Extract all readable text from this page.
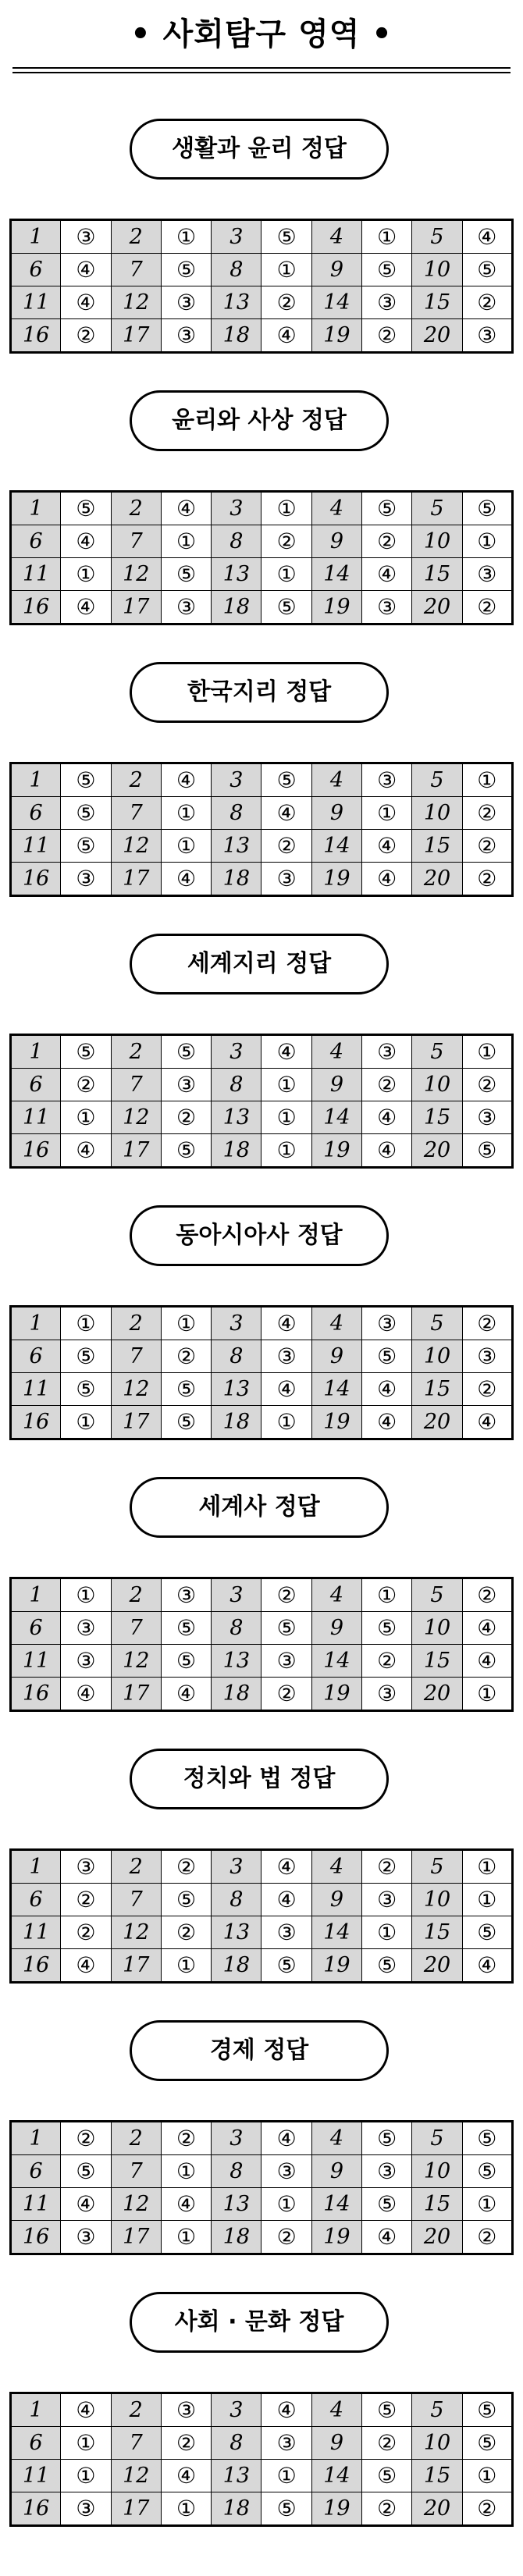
• 사회탐구 영역 •
생활과 윤리 정답
1	③	2	①	3	⑤	4	①	5	④
6	④	7	⑤	8	①	9	⑤	10	⑤
11	④	12	③	13	②	14	③	15	②
16	②	17	③	18	④	19	②	20	③
윤리와 사상 정답
1	⑤	2	④	3	①	4	⑤	5	⑤
6	④	7	①	8	②	9	②	10	①
11	①	12	⑤	13	①	14	④	15	③
16	④	17	③	18	⑤	19	③	20	②
한국지리 정답
1	⑤	2	④	3	⑤	4	③	5	①
6	⑤	7	①	8	④	9	①	10	②
11	⑤	12	①	13	②	14	④	15	②
16	③	17	④	18	③	19	④	20	②
세계지리 정답
1	⑤	2	⑤	3	④	4	③	5	①
6	②	7	③	8	①	9	②	10	②
11	①	12	②	13	①	14	④	15	③
16	④	17	⑤	18	①	19	④	20	⑤
동아시아사 정답
1	①	2	①	3	④	4	③	5	②
6	⑤	7	②	8	③	9	⑤	10	③
11	⑤	12	⑤	13	④	14	④	15	②
16	①	17	⑤	18	①	19	④	20	④
세계사 정답
1	①	2	③	3	②	4	①	5	②
6	③	7	⑤	8	⑤	9	⑤	10	④
11	③	12	⑤	13	③	14	②	15	④
16	④	17	④	18	②	19	③	20	①
정치와 법 정답
1	③	2	②	3	④	4	②	5	①
6	②	7	⑤	8	④	9	③	10	①
11	②	12	②	13	③	14	①	15	⑤
16	④	17	①	18	⑤	19	⑤	20	④
경제 정답
1	②	2	②	3	④	4	⑤	5	⑤
6	⑤	7	①	8	③	9	③	10	⑤
11	④	12	④	13	①	14	⑤	15	①
16	③	17	①	18	②	19	④	20	②
사회 · 문화 정답
1	④	2	③	3	④	4	⑤	5	⑤
6	①	7	②	8	③	9	②	10	⑤
11	①	12	④	13	①	14	⑤	15	①
16	③	17	①	18	⑤	19	②	20	②
